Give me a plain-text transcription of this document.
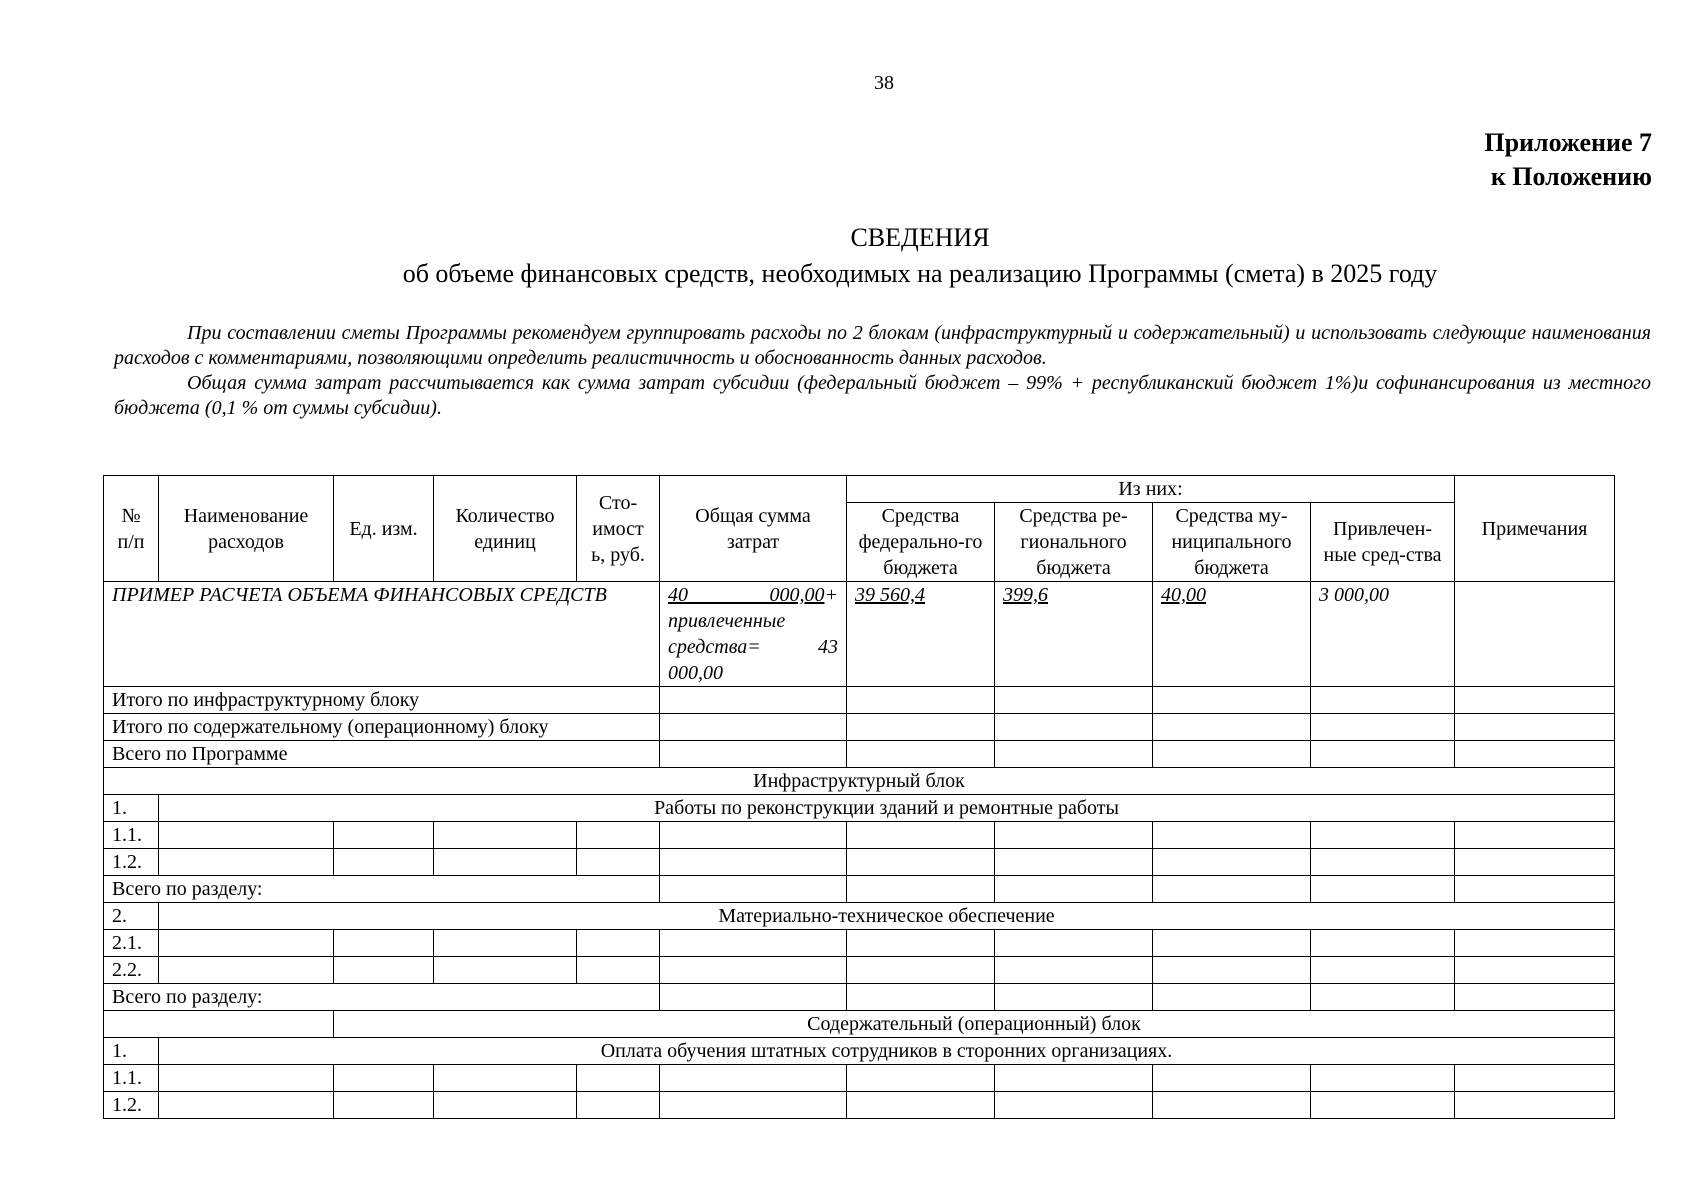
38
Приложение 7
к Положению
СВЕДЕНИЯ
об объеме финансовых средств, необходимых на реализацию Программы (смета) в 2025 году

При составлении сметы Программы рекомендуем группировать расходы по 2 блокам (инфраструктурный и содержательный) и использовать следующие наименования расходов с комментариями, позволяющими определить реалистичность и обоснованность данных расходов.

Общая сумма затрат рассчитывается как сумма затрат субсидии (федеральный бюджет – 99% + республиканский бюджет 1%)и софинансирования из местного бюджета (0,1 % от суммы субсидии).

№ п/п	Наименование расходов	Ед. изм.	Количество единиц	Сто-имост ь, руб.	Общая сумма затрат	Из них:				Примечания
						Средства федерально-го бюджета	Средства ре-гионального бюджета	Средства му-ниципального бюджета	Привлечен-ные сред-ства	
ПРИМЕР РАСЧЕТА ОБЪЕМА ФИНАНСОВЫХ СРЕДСТВ					40 000,00+ привлеченные средства= 43 000,00	39 560,4	399,6	40,00	3 000,00	
Итого по инфраструктурному блоку										
Итого по содержательному (операционному) блоку										
Всего по Программе										
Инфраструктурный блок										
1.	Работы по реконструкции зданий и ремонтные работы									
1.1.										
1.2.										
Всего по разделу:										
2.	Материально-техническое обеспечение									
2.1.										
2.2.										
Всего по разделу:										
		Содержательный (операционный) блок								
1.	Оплата обучения штатных сотрудников в сторонних организациях.									
1.1.										
1.2.										
